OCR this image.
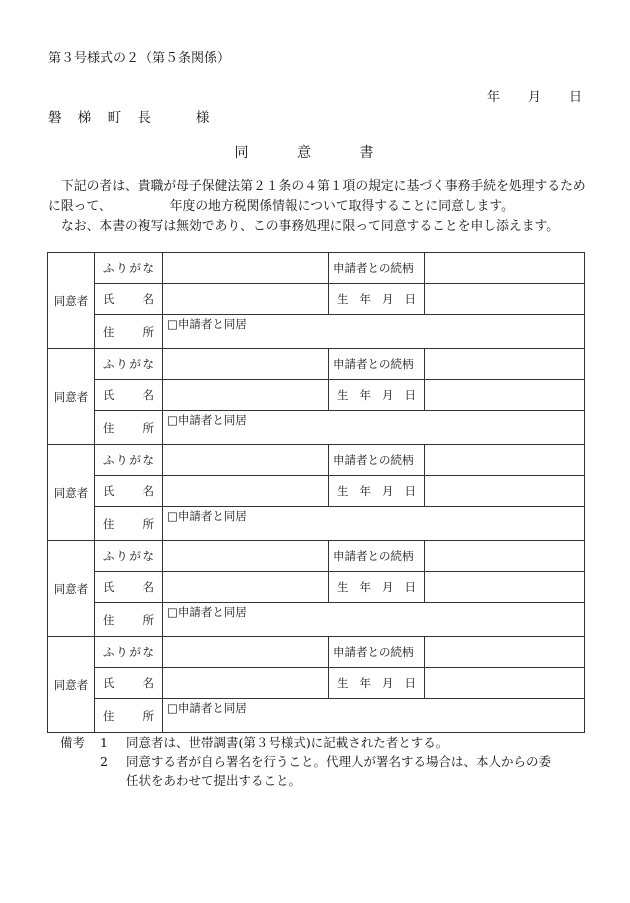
第３号様式の２（第５条関係）
年 月 日
磐 梯 町 長　　様
同 意 書

下記の者は、貴職が母子保健法第２１条の４第１項の規定に基づく事務手続を処理するために限って、	年度の地方税関係情報について取得することに同意します。

なお、本書の複写は無効であり、この事務処理に限って同意することを申し添えます。

同意者	ふ り が な		申請者との続柄	

	氏 名		生 年 月 日	

	住 所	□申請者と同居		
同意者	ふ り が な		申請者との続柄	

	氏 名		生 年 月 日	

	住 所	□申請者と同居		
同意者	ふ り が な		申請者との続柄	

	氏 名		生 年 月 日	

	住 所	□申請者と同居		
同意者	ふ り が な		申請者との続柄	

	氏 名		生 年 月 日	

	住 所	□申請者と同居		
同意者	ふ り が な		申請者との続柄	

	氏 名		生 年 月 日	

	住 所	□申請者と同居		
備考	1	同意者は、世帯調書(第３号様式)に記載された者とする。
2	同意する者が自ら署名を行うこと。代理人が署名する場合は、本人からの委
任状をあわせて提出すること。
